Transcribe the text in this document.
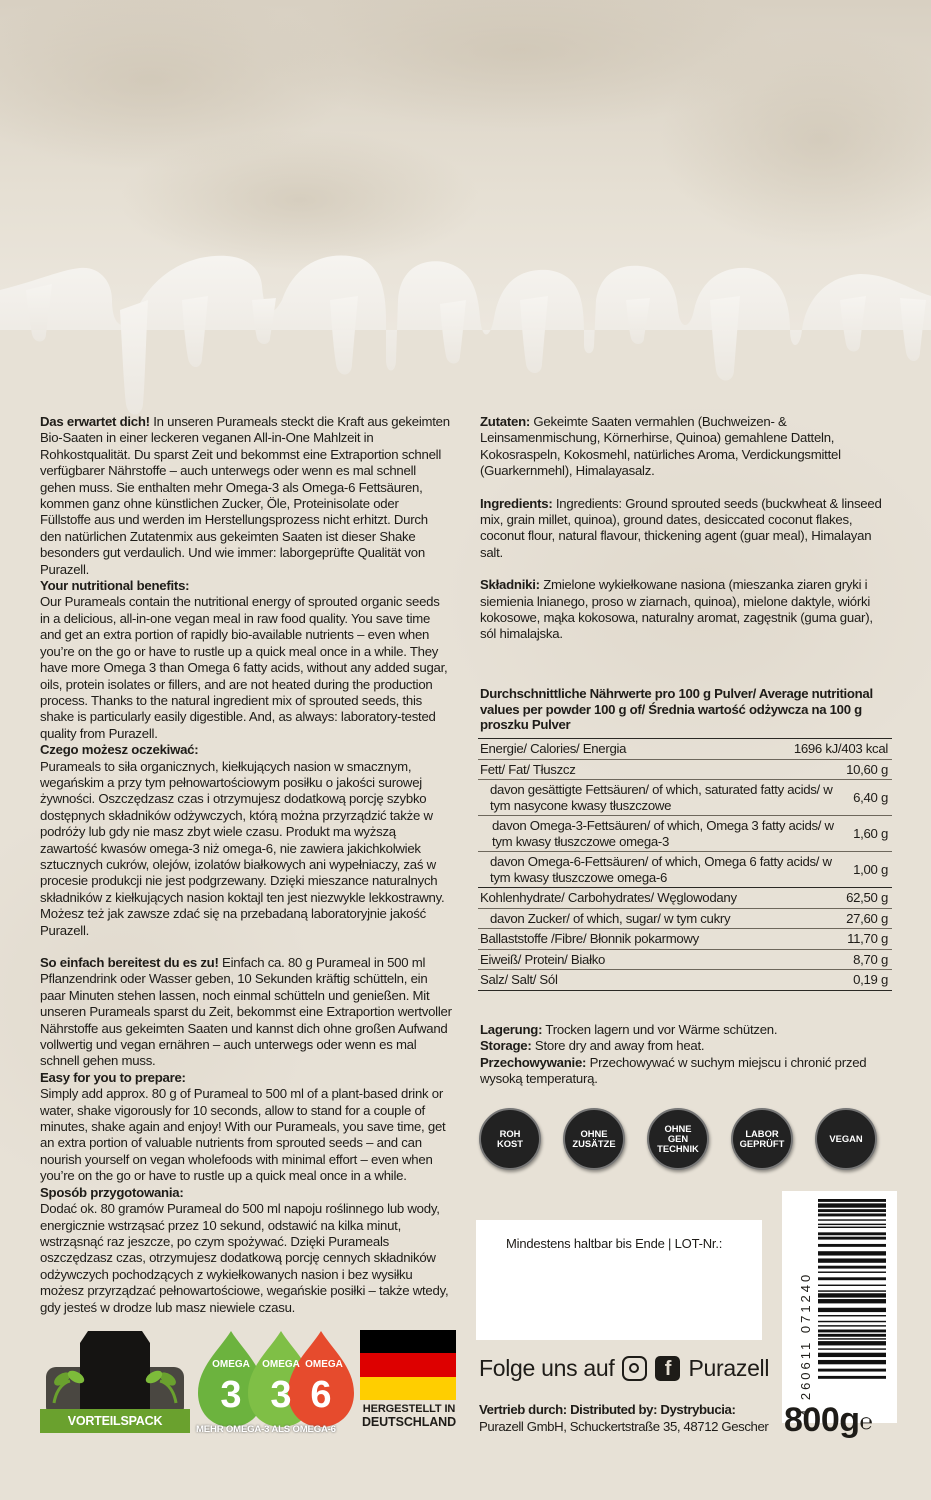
Das erwartet dich! In unseren Purameals steckt die Kraft aus gekeimten Bio-Saaten in einer leckeren veganen All-in-One Mahlzeit in Rohkostqualität. Du sparst Zeit und bekommst eine Extraportion schnell verfügbarer Nährstoffe – auch unterwegs oder wenn es mal schnell gehen muss. Sie enthalten mehr Omega-3 als Omega-6 Fettsäuren, kommen ganz ohne künstlichen Zucker, Öle, Proteinisolate oder Füllstoffe aus und werden im Herstellungsprozess nicht erhitzt. Durch den natürlichen Zutatenmix aus gekeimten Saaten ist dieser Shake besonders gut verdaulich. Und wie immer: laborgeprüfte Qualität von Purazell.

Your nutritional benefits:

Our Purameals contain the nutritional energy of sprouted organic seeds in a delicious, all-in-one vegan meal in raw food quality. You save time and get an extra portion of rapidly bio-available nutrients – even when you’re on the go or have to rustle up a quick meal once in a while. They have more Omega 3 than Omega 6 fatty acids, without any added sugar, oils, protein isolates or fillers, and are not heated during the production process. Thanks to the natural ingredient mix of sprouted seeds, this shake is particularly easily digestible. And, as always: laboratory-tested quality from Purazell.

Czego możesz oczekiwać:

Purameals to siła organicznych, kiełkujących nasion w smacznym, wegańskim a przy tym pełnowartościowym posiłku o jakości surowej żywności. Oszczędzasz czas i otrzymujesz dodatkową porcję szybko dostępnych składników odżywczych, którą można przyrządzić także w podróży lub gdy nie masz zbyt wiele czasu. Produkt ma wyższą zawartość kwasów omega-3 niż omega-6, nie zawiera jakichkolwiek sztucznych cukrów, olejów, izolatów białkowych ani wypełniaczy, zaś w procesie produkcji nie jest podgrzewany. Dzięki mieszance naturalnych składników z kiełkujących nasion koktajl ten jest niezwykle lekkostrawny. Możesz też jak zawsze zdać się na przebadaną laboratoryjnie jakość Purazell.

So einfach bereitest du es zu! Einfach ca. 80 g Purameal in 500 ml Pflanzendrink oder Wasser geben, 10 Sekunden kräftig schütteln, ein paar Minuten stehen lassen, noch einmal schütteln und genießen. Mit unseren Purameals sparst du Zeit, bekommst eine Extraportion wertvoller Nährstoffe aus gekeimten Saaten und kannst dich ohne großen Aufwand vollwertig und vegan ernähren – auch unterwegs oder wenn es mal schnell gehen muss.

Easy for you to prepare:

Simply add approx. 80 g of Purameal to 500 ml of a plant-based drink or water, shake vigorously for 10 seconds, allow to stand for a couple of minutes, shake again and enjoy! With our Purameals, you save time, get an extra portion of valuable nutrients from sprouted seeds – and can nourish yourself on vegan wholefoods with minimal effort – even when you’re on the go or have to rustle up a quick meal once in a while.

Sposób przygotowania:

Dodać ok. 80 gramów Purameal do 500 ml napoju roślinnego lub wody, energicznie wstrząsać przez 10 sekund, odstawić na kilka minut, wstrząsnąć raz jeszcze, po czym spożywać. Dzięki Purameals oszczędzasz czas, otrzymujesz dodatkową porcję cennych składników odżywczych pochodzących z wykiełkowanych nasion i bez wysiłku możesz przyrządzać pełnowartościowe, wegańskie posiłki – także wtedy, gdy jesteś w drodze lub masz niewiele czasu.

Zutaten: Gekeimte Saaten vermahlen (Buchweizen- & Leinsamenmischung, Körnerhirse, Quinoa) gemahlene Datteln, Kokosraspeln, Kokosmehl, natürliches Aroma, Verdickungsmittel (Guarkernmehl), Himalayasalz.

Ingredients: Ingredients: Ground sprouted seeds (buckwheat & linseed mix, grain millet, quinoa), ground dates, desiccated coconut flakes, coconut flour, natural flavour, thickening agent (guar meal), Himalayan salt.

Składniki: Zmielone wykiełkowane nasiona (mieszanka ziaren gryki i siemienia lnianego, proso w ziarnach, quinoa), mielone daktyle, wiórki kokosowe, mąka kokosowa, naturalny aromat, zagęstnik (guma guar), sól himalajska.

Durchschnittliche Nährwerte pro 100 g Pulver/ Average nutritional values per powder 100 g of/ Średnia wartość odżywcza na 100 g proszku Pulver
Energie/ Calories/ Energia	1696 kJ/403 kcal
Fett/ Fat/ Tłuszcz	10,60 g
davon gesättigte Fettsäuren/ of which, saturated fatty acids/ w tym nasycone kwasy tłuszczowe
6,40 g
davon Omega-3-Fettsäuren/ of which, Omega 3 fatty acids/ w tym kwasy tłuszczowe omega-3
1,60 g
davon Omega-6-Fettsäuren/ of which, Omega 6 fatty acids/ w tym kwasy tłuszczowe omega-6
1,00 g
Kohlenhydrate/ Carbohydrates/ Węglowodany	62,50 g
davon Zucker/ of which, sugar/ w tym cukry	27,60 g
Ballaststoffe /Fibre/ Błonnik pokarmowy	11,70 g
Eiweiß/ Protein/ Białko	8,70 g
Salz/ Salt/ Sól	0,19 g

Lagerung: Trocken lagern und vor Wärme schützen.

Storage: Store dry and away from heat.

Przechowywanie: Przechowywać w suchym miejscu i chronić przed wysoką temperaturą.

ROH
KOST
OHNE
ZUSÄTZE
OHNE
GEN
TECHNIK
LABOR
GEPRÜFT	VEGAN
Mindestens haltbar bis Ende | LOT-Nr.:
4 260611 071240
Folge uns auf	f Purazell
Vertrieb durch: Distributed by: Dystrybucia:
Purazell GmbH, Schuckertstraße 35, 48712 Gescher 800g℮
VORTEILSPACK
OMEGA OMEGA OMEGA
3 3 6
MEHR OMEGA-3 ALS OMEGA-6
HERGESTELLT IN
DEUTSCHLAND
